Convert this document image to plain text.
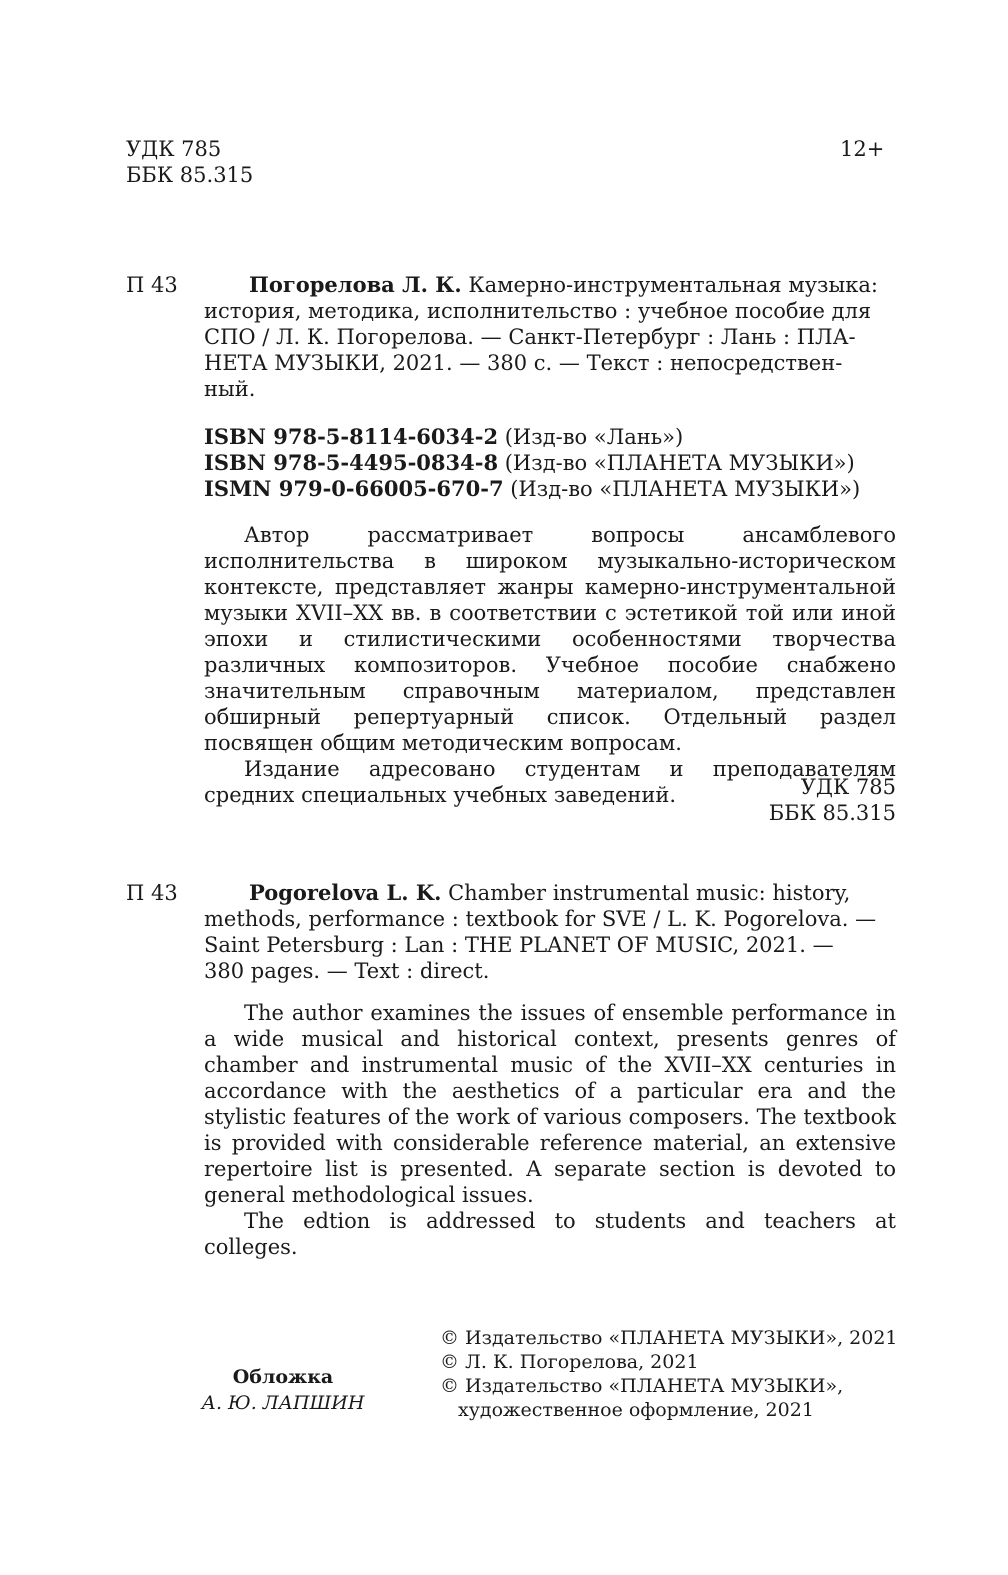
УДК 785
ББК 85.315
12+
П 43	Погорелова Л. К. Камерно-инструментальная музыка:
история, методика, исполнительство : учебное пособие для
СПО / Л. К. Погорелова. — Санкт-Петербург : Лань : ПЛА-
НЕТА МУЗЫКИ, 2021. — 380 с. — Текст : непосредствен-
ный.
ISBN 978-5-8114-6034-2 (Изд-во «Лань»)
ISBN 978-5-4495-0834-8 (Изд-во «ПЛАНЕТА МУЗЫКИ»)
ISMN 979-0-66005-670-7 (Изд-во «ПЛАНЕТА МУЗЫКИ»)

Автор рассматривает вопросы ансамблевого исполнительства в широком музыкально-историческом контексте, представляет жанры камерно-инструментальной музыки XVII–XX вв. в соответствии с эстетикой той или иной эпохи и стилистическими особенностями творчества различных композиторов. Учебное пособие снабжено значительным справочным материалом, представлен обширный репертуарный список. Отдельный раздел посвящен общим методическим вопросам.

Издание адресовано студентам и преподавателям средних специальных учебных заведений.	УДК 785
ББК 85.315
П 43	Pogorelova L. K. Chamber instrumental music: history,
methods, performance : textbook for SVE / L. K. Pogorelova. —
Saint Petersburg : Lan : THE PLANET OF MUSIC, 2021. —
380 pages. — Text : direct.

The author examines the issues of ensemble performance in a wide musical and historical context, presents genres of chamber and instrumental music of the XVII–XX centuries in accordance with the aesthetics of a particular era and the stylistic features of the work of various composers. The textbook is provided with considerable reference material, an extensive repertoire list is presented. A separate section is devoted to general methodological issues.

The edtion is addressed to students and teachers at colleges.

Обложка
А. Ю. ЛАПШИН
© Издательство «ПЛАНЕТА МУЗЫКИ», 2021
© Л. К. Погорелова, 2021
© Издательство «ПЛАНЕТА МУЗЫКИ»,
художественное оформление, 2021
